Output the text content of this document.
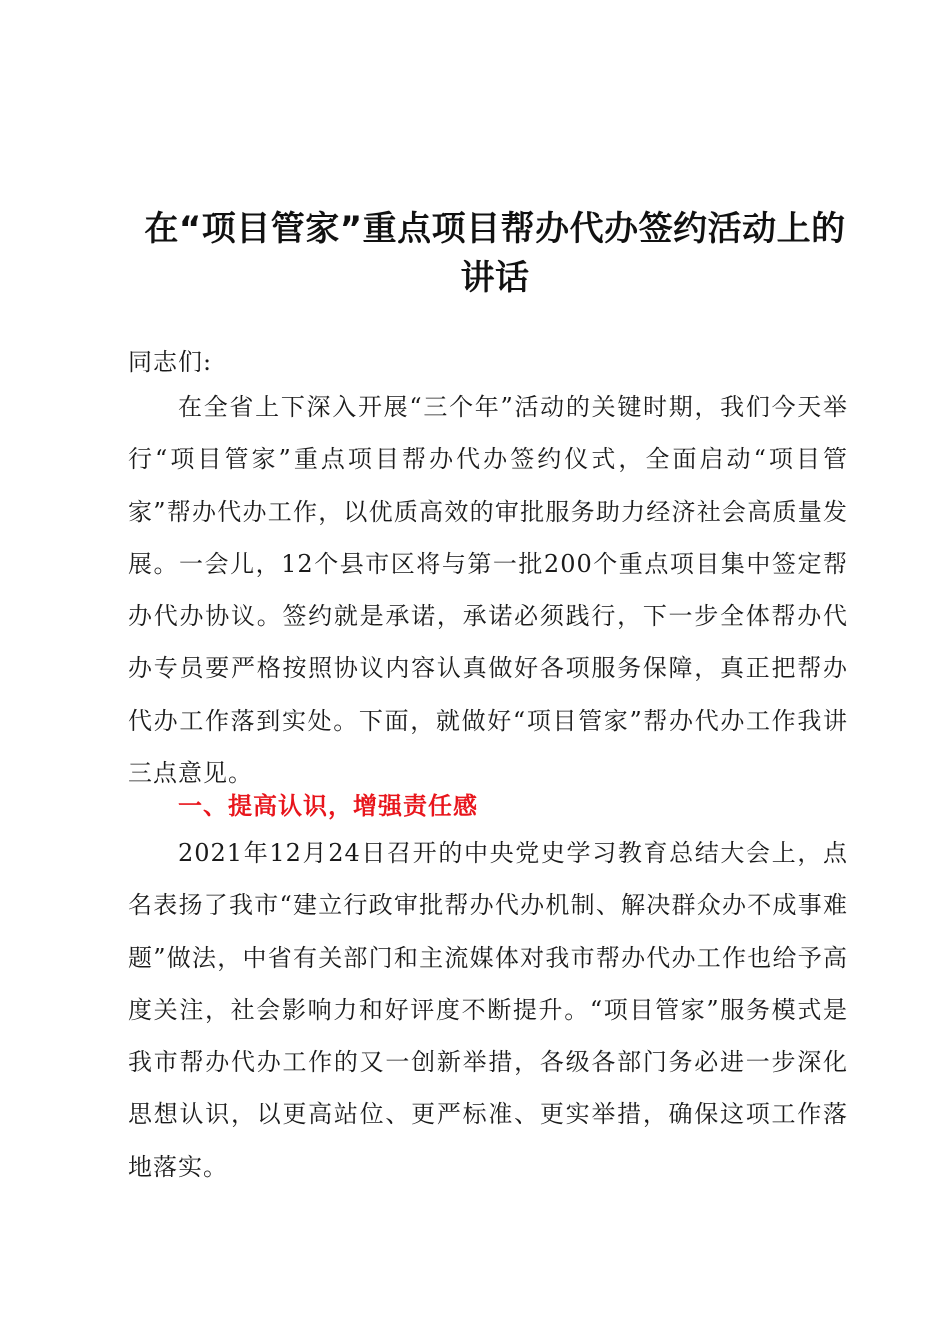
在“项目管家”重点项目帮办代办签约活动上的
讲话
同志们:
在全省上下深入开展“三个年”活动的关键时期，我们今天举行“项目管家”重点项目帮办代办签约仪式，全面启动“项目管家”帮办代办工作，以优质高效的审批服务助力经济社会高质量发展。一会儿，12个县市区将与第一批200个重点项目集中签定帮办代办协议。签约就是承诺，承诺必须践行，下一步全体帮办代办专员要严格按照协议内容认真做好各项服务保障，真正把帮办代办工作落到实处。下面，就做好“项目管家”帮办代办工作我讲三点意见。
一、提高认识，增强责任感
2021年12月24日召开的中央党史学习教育总结大会上，点名表扬了我市“建立行政审批帮办代办机制、解决群众办不成事难题”做法，中省有关部门和主流媒体对我市帮办代办工作也给予高度关注，社会影响力和好评度不断提升。“项目管家”服务模式是我市帮办代办工作的又一创新举措，各级各部门务必进一步深化思想认识，以更高站位、更严标准、更实举措，确保这项工作落地落实。
